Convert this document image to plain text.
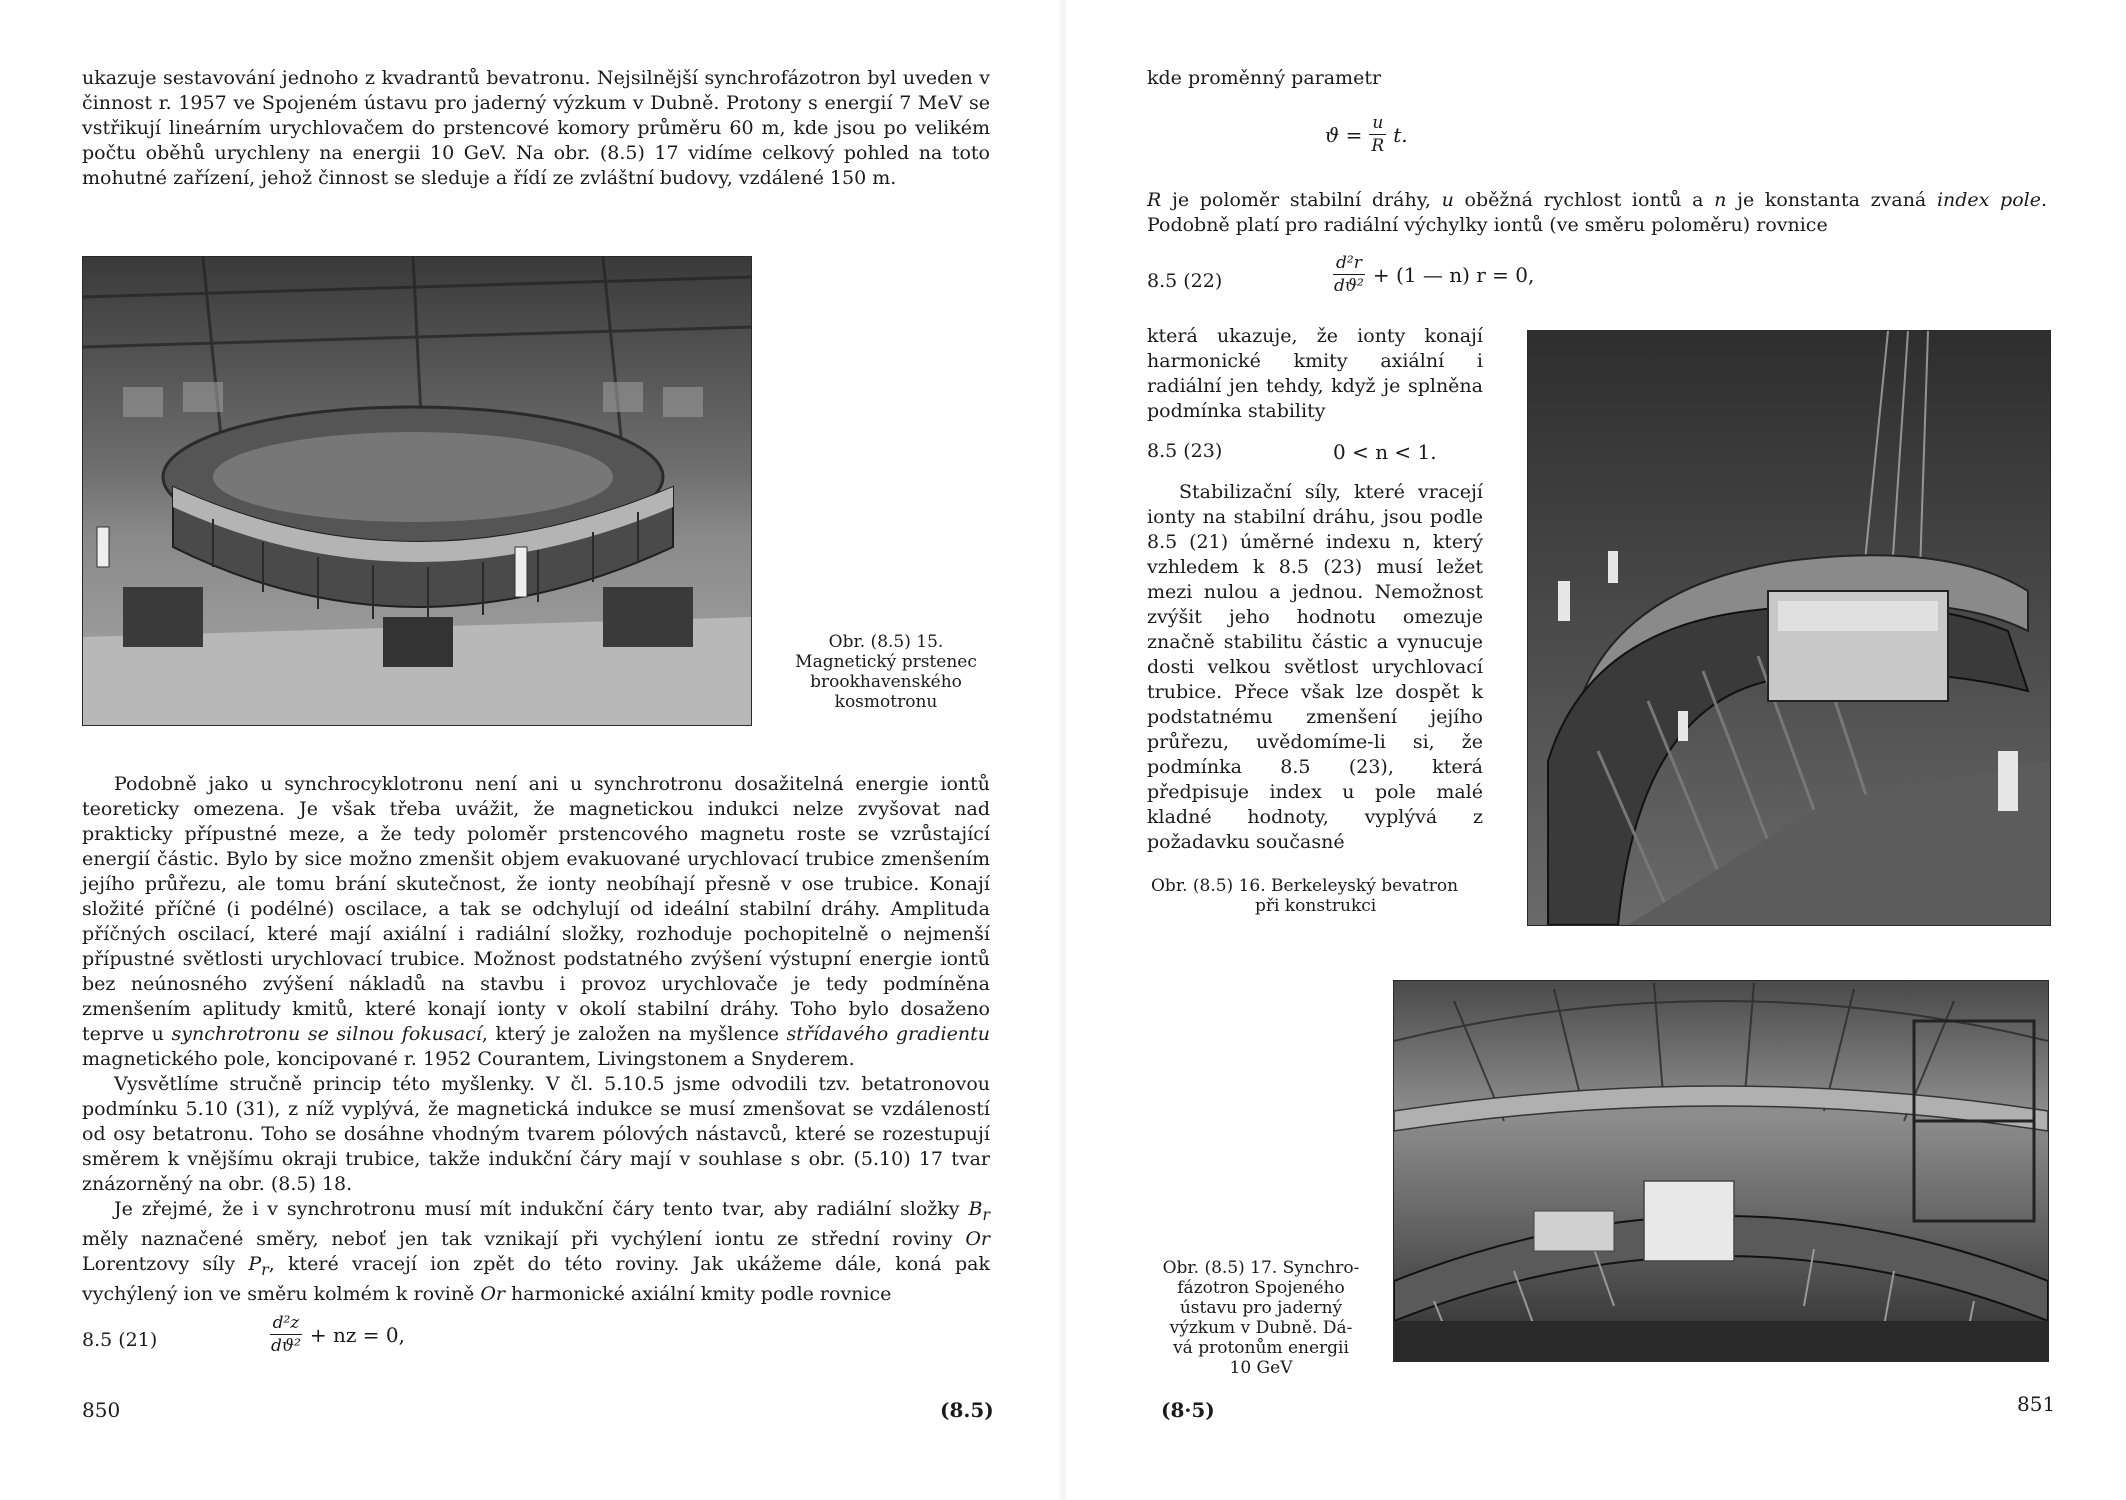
ukazuje sestavování jednoho z kvadrantů bevatronu. Nejsilnější synchrofázotron byl uveden v činnost r. 1957 ve Spojeném ústavu pro jaderný výzkum v Dubně. Protony s energií 7 MeV se vstřikují lineárním urychlovačem do prstencové komory průměru 60 m, kde jsou po velikém počtu oběhů urychleny na energii 10 GeV. Na obr. (8.5) 17 vidíme celkový pohled na toto mohutné zařízení, jehož činnost se sleduje a řídí ze zvláštní budovy, vzdálené 150 m.

Obr. (8.5) 15.
Magnetický prstenec
brookhavenského
kosmotronu

Podobně jako u synchrocyklotronu není ani u synchrotronu dosažitelná energie iontů teoreticky omezena. Je však třeba uvážit, že magnetickou indukci nelze zvyšovat nad prakticky přípustné meze, a že tedy poloměr prstencového magnetu roste se vzrůstající energií částic. Bylo by sice možno zmenšit objem evakuované urychlovací trubice zmenšením jejího průřezu, ale tomu brání skutečnost, že ionty neobíhají přesně v ose trubice. Konají složité příčné (i podélné) oscilace, a tak se odchylují od ideální stabilní dráhy. Amplituda příčných oscilací, které mají axiální i radiální složky, rozhoduje pochopitelně o nejmenší přípustné světlosti urychlovací trubice. Možnost podstatného zvýšení výstupní energie iontů bez neúnosného zvýšení nákladů na stavbu i provoz urychlovače je tedy podmíněna zmenšením aplitudy kmitů, které konají ionty v okolí stabilní dráhy. Toho bylo dosaženo teprve u synchrotronu se silnou fokusací, který je založen na myšlence střídavého gradientu magnetického pole, koncipované r. 1952 Courantem, Livingstonem a Snyderem.

Vysvětlíme stručně princip této myšlenky. V čl. 5.10.5 jsme odvodili tzv. betatronovou podmínku 5.10 (31), z níž vyplývá, že magnetická indukce se musí zmenšovat se vzdáleností od osy betatronu. Toho se dosáhne vhodným tvarem pólových nástavců, které se rozestupují směrem k vnějšímu okraji trubice, takže indukční čáry mají v souhlase s obr. (5.10) 17 tvar znázorněný na obr. (8.5) 18.

Je zřejmé, že i v synchrotronu musí mít indukční čáry tento tvar, aby radiální složky $B_r$ měly naznačené směry, neboť jen tak vznikají při vychýlení iontu ze střední roviny Or Lorentzovy síly $P_r$, které vracejí ion zpět do této roviny. Jak ukážeme dále, koná pak vychýlený ion ve směru kolmém k rovině Or harmonické axiální kmity podle rovnice

8.5 (21)	$\frac{\text{d²z}}{\text{dϑ²}}$ + nz = 0,
850	(8.5)

kde proměnný parametr

$ϑ = \frac{u}{R} t$.

R je poloměr stabilní dráhy, u oběžná rychlost iontů a n je konstanta zvaná index pole. Podobně platí pro radiální výchylky iontů (ve směru poloměru) rovnice

8.5 (22)	$\frac{\text{d²r}}{\text{dϑ²}} + (1$ — n) r = 0,

která ukazuje, že ionty konají harmonické kmity axiální i radiální jen tehdy, když je splněna podmínka stability

8.5 (23)	0 < n < 1.

Stabilizační síly, které vracejí ionty na stabilní dráhu, jsou podle 8.5 (21) úměrné indexu n, který vzhledem k 8.5 (23) musí ležet mezi nulou a jednou. Nemožnost zvýšit jeho hodnotu omezuje značně stabilitu částic a vynucuje dosti velkou světlost urychlovací trubice. Přece však lze dospět k podstatnému zmenšení jejího průřezu, uvědomíme-li si, že podmínka 8.5 (23), která předpisuje index u pole malé kladné hodnoty, vyplývá z požadavku současné

Obr. (8.5) 16. Berkeleyský bevatron
při konstrukci
Obr. (8.5) 17. Synchro-
fázotron Spojeného
ústavu pro jaderný
výzkum v Dubně. Dá-
vá protonům energii
10 GeV
(8·5)	851
